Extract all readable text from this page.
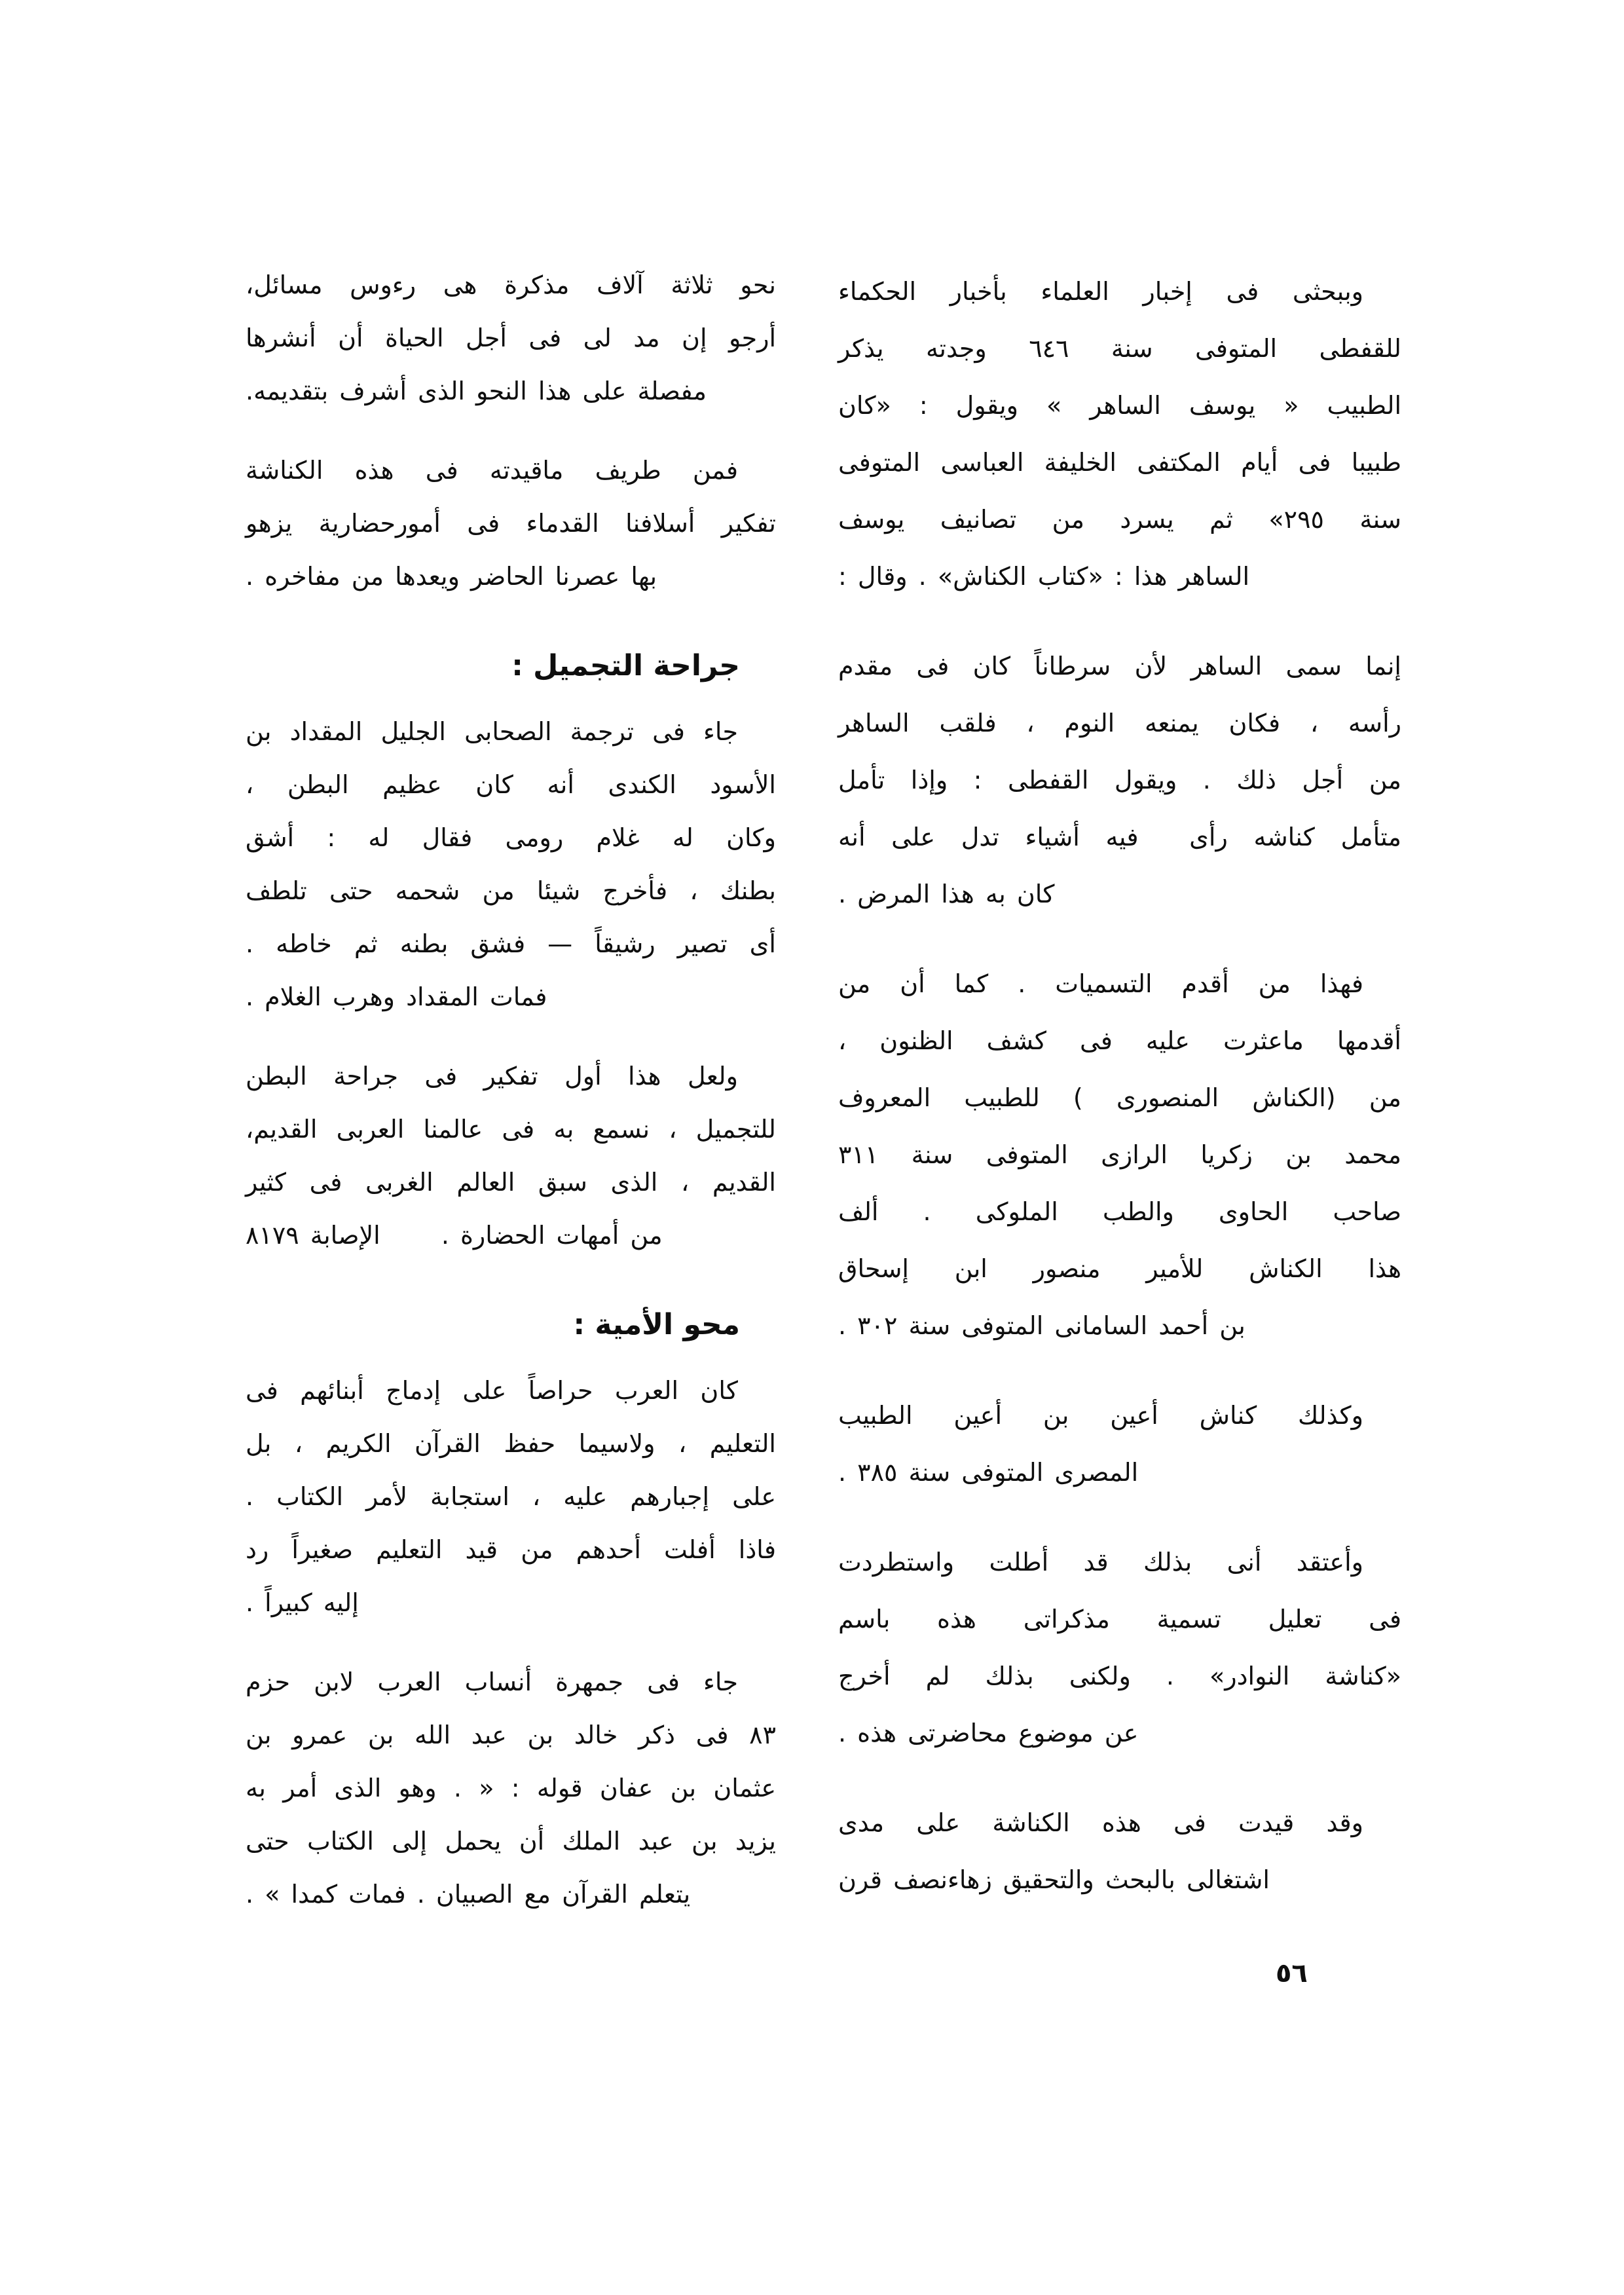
وببحثى فى إخبار العلماء بأخبار الحكماء
للقفطى المتوفى سنة ٦٤٦ وجدته يذكر
الطبيب « يوسف الساهر » ويقول : «كان
طبيبا فى أيام المكتفى الخليفة العباسى المتوفى
سنة ٢٩٥» ثم يسرد من تصانيف يوسف
الساهر هذا : «كتاب الكناش» . وقال :
إنما سمى الساهر لأن سرطاناً كان فى مقدم
رأسه ، فكان يمنعه النوم ، فلقب الساهر
من أجل ذلك . ويقول القفطى : وإذا تأمل
متأمل كناشه رأى  فيه أشياء تدل على أنه
كان به هذا المرض .
فهذا من أقدم التسميات . كما أن من
أقدمها ماعثرت عليه فى كشف الظنون ،
من (الكناش المنصورى ) للطبيب المعروف
محمد بن زكريا الرازى المتوفى سنة ٣١١
صاحب الحاوى والطب الملوكى . ألف
هذا الكناش للأمير منصور ابن إسحاق
بن أحمد السامانى المتوفى سنة ٣٠٢ .
وكذلك كناش أعين بن أعين الطبيب
المصرى المتوفى سنة ٣٨٥ .
وأعتقد أنى بذلك قد أطلت واستطردت
فى تعليل تسمية مذكراتى هذه باسم
«كناشة النوادر» . ولكنى بذلك لم أخرج
عن موضوع محاضرتى هذه .
وقد قيدت فى هذه الكناشة على مدى
اشتغالى بالبحث والتحقيق زهاءنصف قرن
نحو ثلاثة آلاف مذكرة هى رءوس مسائل،
أرجو إن مد لى فى أجل الحياة أن أنشرها
مفصلة على هذا النحو الذى أشرف بتقديمه.
فمن طريف ماقيدته فى هذه الكناشة
تفكير أسلافنا القدماء فى أمورحضارية يزهو
بها عصرنا الحاضر ويعدها من مفاخره .
جراحة التجميل :
جاء فى ترجمة الصحابى الجليل المقداد بن
الأسود الكندى أنه كان عظيم البطن ،
وكان له غلام رومى فقال له : أشق
بطنك ، فأخرج شيئا من شحمه حتى تلطف
أى تصير رشيقاً — فشق بطنه ثم خاطه .
فمات المقداد وهرب الغلام .
ولعل هذا أول تفكير فى جراحة البطن
للتجميل ، نسمع به فى عالمنا العربى القديم،
القديم ، الذى سبق العالم الغربى فى كثير
من أمهات الحضارة .   الإصابة ٨١٧٩
محو الأمية :
كان العرب حراصاً على إدماج أبنائهم فى
التعليم ، ولاسيما حفظ القرآن الكريم ، بل
على إجبارهم عليه ، استجابة لأمر الكتاب .
فاذا أفلت أحدهم من قيد التعليم صغيراً رد
إليه كبيراً .
جاء فى جمهرة أنساب العرب لابن حزم
٨٣ فى ذكر خالد بن عبد الله بن عمرو بن
عثمان بن عفان قوله : « . وهو الذى أمر به
يزيد بن عبد الملك أن يحمل إلى الكتاب حتى
يتعلم القرآن مع الصبيان . فمات كمدا » .
٥٦
